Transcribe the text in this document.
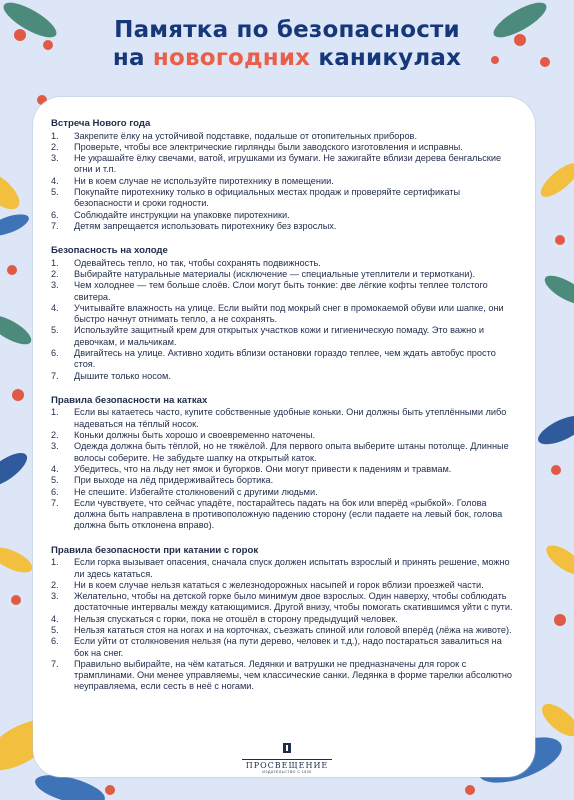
Памятка по безопасности
на новогодних каникулах
Встреча Нового года
1. Закрепите ёлку на устойчивой подставке, подальше от отопительных приборов.
2. Проверьте, чтобы все электрические гирлянды были заводского изготовления и исправны.
3. Не украшайте ёлку свечами, ватой, игрушками из бумаги. Не зажигайте вблизи дерева бенгальские огни и т.п.
4. Ни в коем случае не используйте пиротехнику в помещении.
5. Покупайте пиротехнику только в официальных местах продаж и проверяйте сертификаты безопасности и сроки годности.
6. Соблюдайте инструкции на упаковке пиротехники.
7. Детям запрещается использовать пиротехнику без взрослых.
Безопасность на холоде
1. Одевайтесь тепло, но так, чтобы сохранять подвижность.
2. Выбирайте натуральные материалы (исключение — специальные утеплители и термоткани).
3. Чем холоднее — тем больше слоёв. Слои могут быть тонкие: две лёгкие кофты теплее толстого свитера.
4. Учитывайте влажность на улице. Если выйти под мокрый снег в промокаемой обуви или шапке, они быстро начнут отнимать тепло, а не сохранять.
5. Используйте защитный крем для открытых участков кожи и гигиеническую помаду. Это важно и девочкам, и мальчикам.
6. Двигайтесь на улице. Активно ходить вблизи остановки гораздо теплее, чем ждать автобус просто стоя.
7. Дышите только носом.
Правила безопасности на катках
1. Если вы катаетесь часто, купите собственные удобные коньки. Они должны быть утеплёнными либо надеваться на тёплый носок.
2. Коньки должны быть хорошо и своевременно наточены.
3. Одежда должна быть тёплой, но не тяжёлой. Для первого опыта выберите штаны потолще. Длинные волосы соберите. Не забудьте шапку на открытый каток.
4. Убедитесь, что на льду нет ямок и бугорков. Они могут привести к падениям и травмам.
5. При выходе на лёд придерживайтесь бортика.
6. Не спешите. Избегайте столкновений с другими людьми.
7. Если чувствуете, что сейчас упадёте, постарайтесь падать на бок или вперёд «рыбкой». Голова должна быть направлена в противоположную падению сторону (если падаете на левый бок, голова должна быть отклонена вправо).
Правила безопасности при катании с горок
1. Если горка вызывает опасения, сначала спуск должен испытать взрослый и принять решение, можно ли здесь кататься.
2. Ни в коем случае нельзя кататься с железнодорожных насыпей и горок вблизи проезжей части.
3. Желательно, чтобы на детской горке было минимум двое взрослых. Один наверху, чтобы соблюдать достаточные интервалы между катающимися. Другой внизу, чтобы помогать скатившимся уйти с пути.
4. Нельзя спускаться с горки, пока не отошёл в сторону предыдущий человек.
5. Нельзя кататься стоя на ногах и на корточках, съезжать спиной или головой вперёд (лёжа на животе).
6. Если уйти от столкновения нельзя (на пути дерево, человек и т.д.), надо постараться завалиться на бок на снег.
7. Правильно выбирайте, на чём кататься. Ледянки и ватрушки не предназначены для горок с трамплинами. Они менее управляемы, чем классические санки. Ледянка в форме тарелки абсолютно неуправляема, если сесть в неё с ногами.
ПРОСВЕЩЕНИЕ
ИЗДАТЕЛЬСТВО С 1930
